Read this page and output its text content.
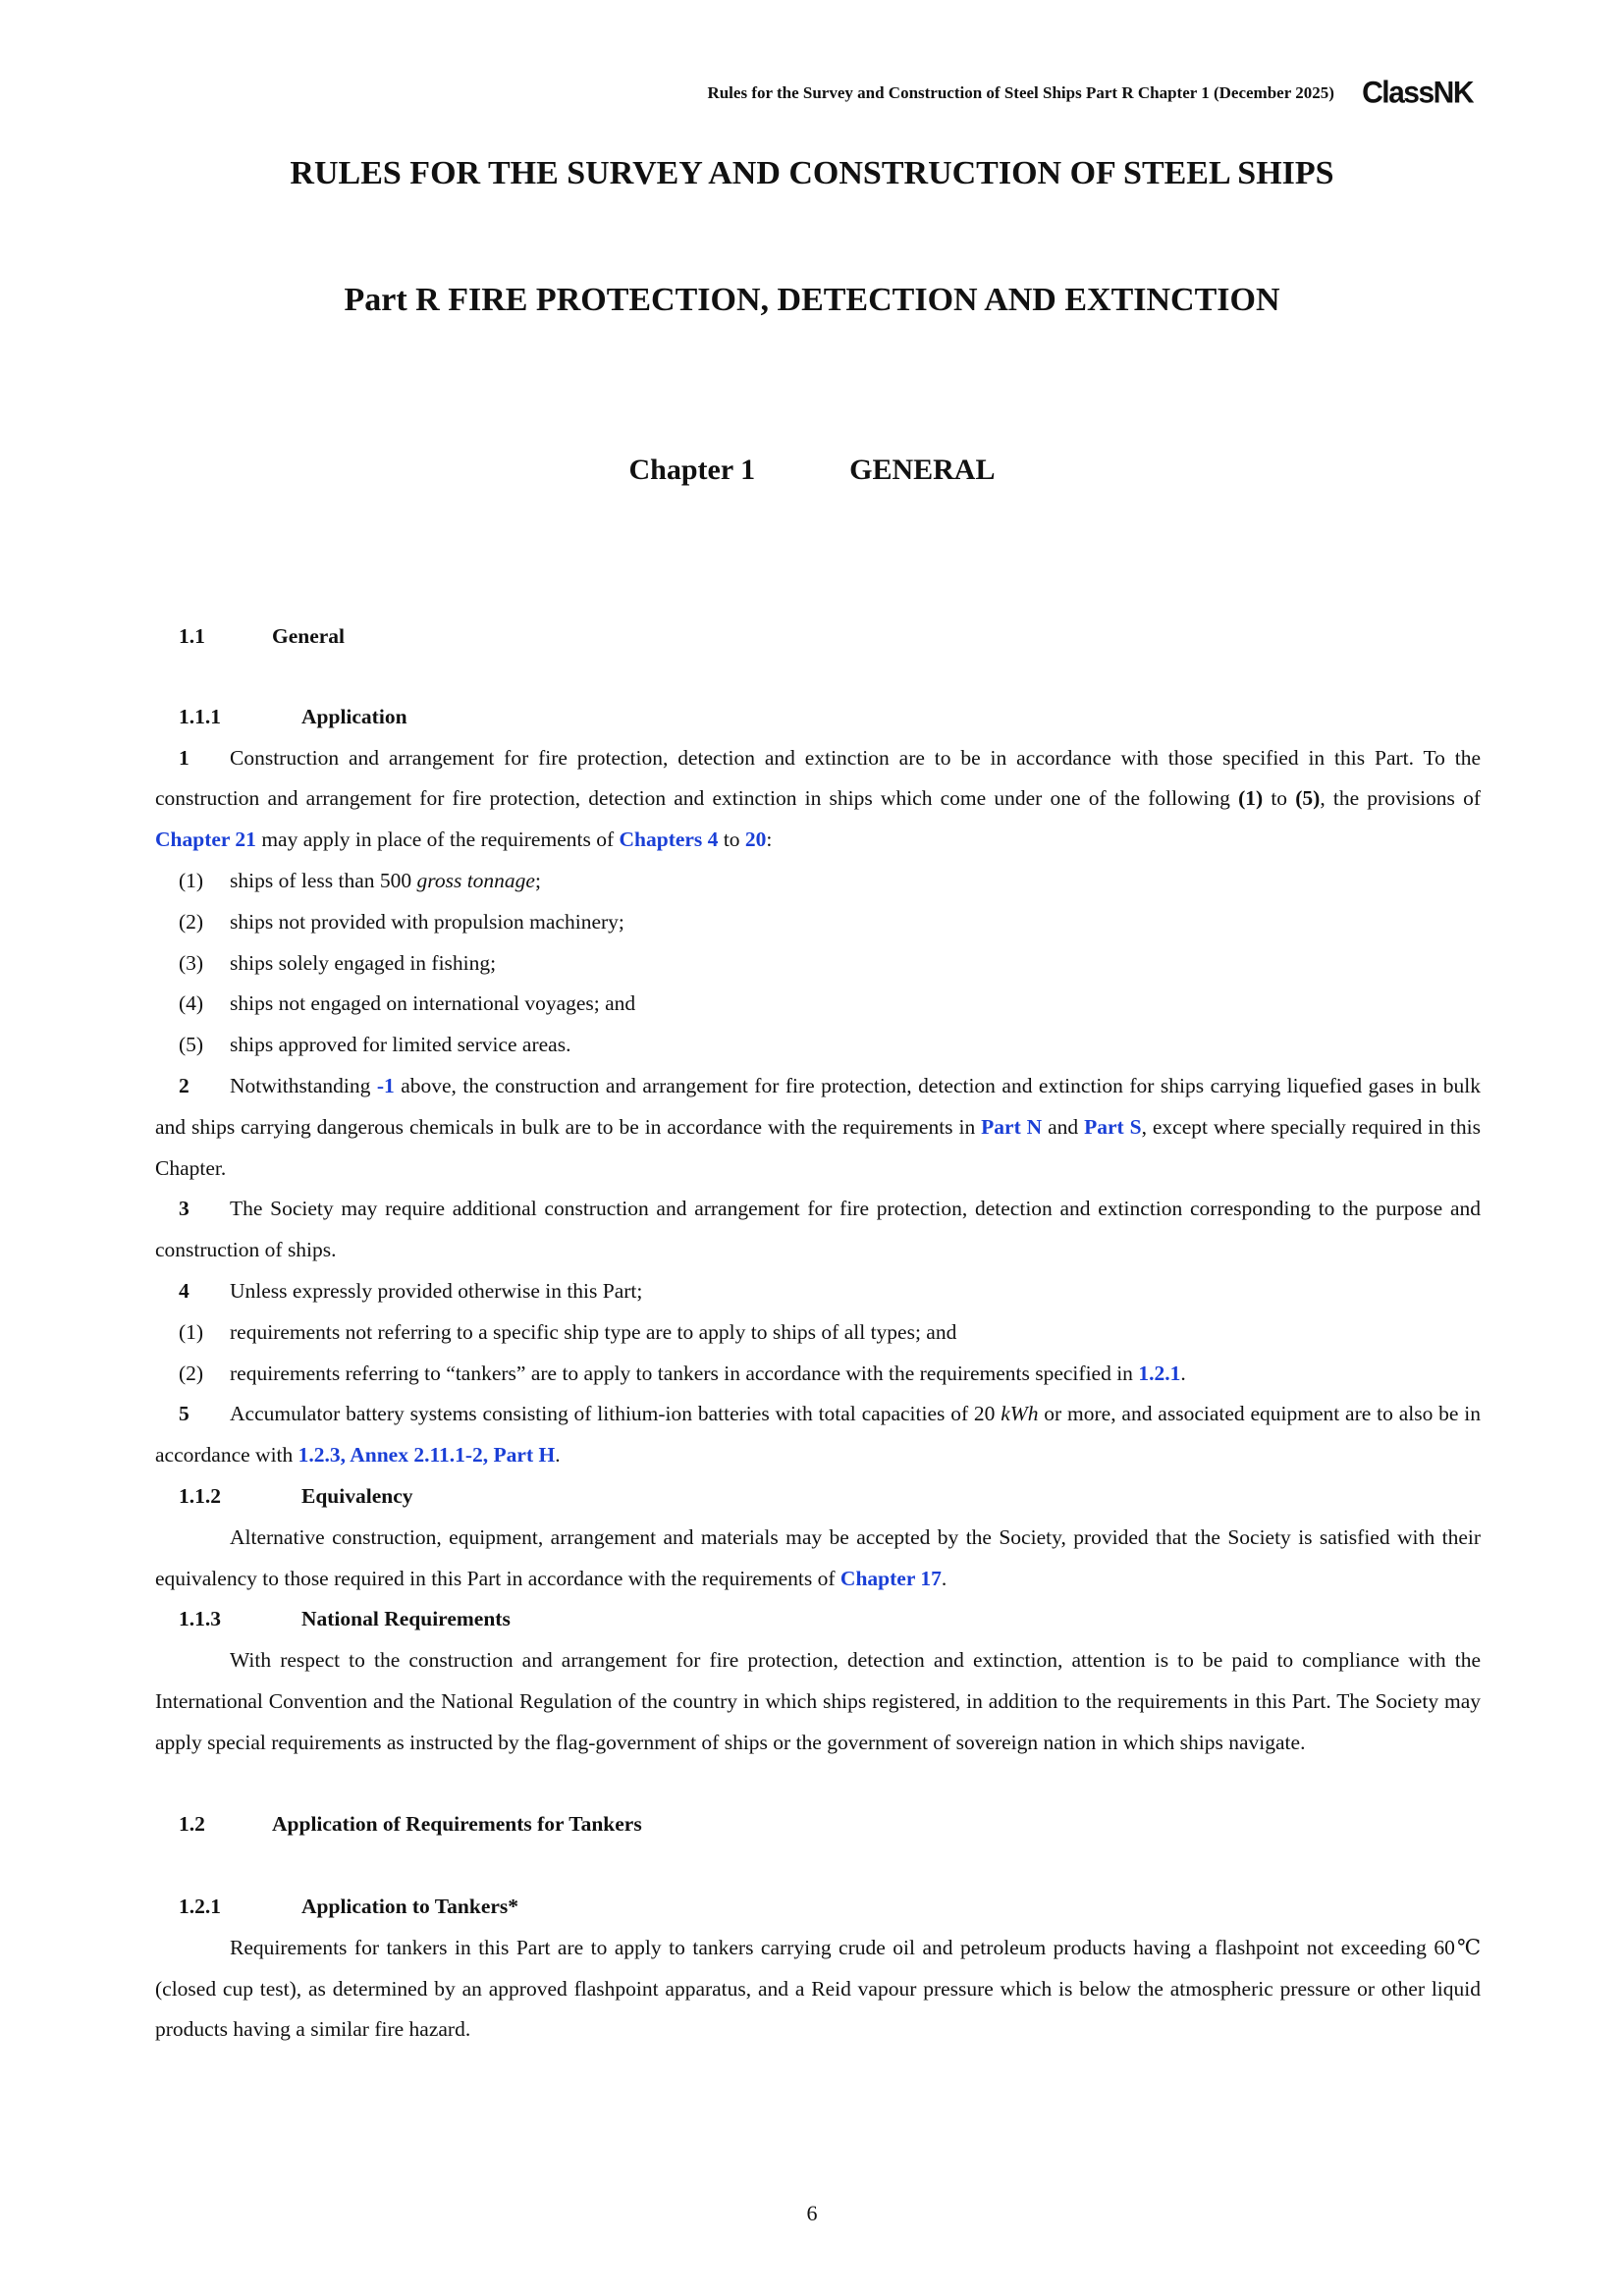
Rules for the Survey and Construction of Steel Ships Part R Chapter 1 (December 2025) ClassNK
RULES FOR THE SURVEY AND CONSTRUCTION OF STEEL SHIPS
Part R FIRE PROTECTION, DETECTION AND EXTINCTION
Chapter 1	GENERAL

1.1	General

1.1.1	Application

1 Construction and arrangement for fire protection, detection and extinction are to be in accordance with those specified in this Part. To the construction and arrangement for fire protection, detection and extinction in ships which come under one of the following (1) to (5), the provisions of Chapter 21 may apply in place of the requirements of Chapters 4 to 20:

(1) ships of less than 500 gross tonnage;

(2) ships not provided with propulsion machinery;

(3) ships solely engaged in fishing;

(4) ships not engaged on international voyages; and

(5) ships approved for limited service areas.

2 Notwithstanding -1 above, the construction and arrangement for fire protection, detection and extinction for ships carrying liquefied gases in bulk and ships carrying dangerous chemicals in bulk are to be in accordance with the requirements in Part N and Part S, except where specially required in this Chapter.

3 The Society may require additional construction and arrangement for fire protection, detection and extinction corresponding to the purpose and construction of ships.

4 Unless expressly provided otherwise in this Part;

(1) requirements not referring to a specific ship type are to apply to ships of all types; and

(2) requirements referring to “tankers” are to apply to tankers in accordance with the requirements specified in 1.2.1.

5 Accumulator battery systems consisting of lithium-ion batteries with total capacities of 20 kWh or more, and associated equipment are to also be in accordance with 1.2.3, Annex 2.11.1-2, Part H.

1.1.2	Equivalency

Alternative construction, equipment, arrangement and materials may be accepted by the Society, provided that the Society is satisfied with their equivalency to those required in this Part in accordance with the requirements of Chapter 17.

1.1.3	National Requirements

With respect to the construction and arrangement for fire protection, detection and extinction, attention is to be paid to compliance with the International Convention and the National Regulation of the country in which ships registered, in addition to the requirements in this Part. The Society may apply special requirements as instructed by the flag-government of ships or the government of sovereign nation in which ships navigate.

1.2	Application of Requirements for Tankers

1.2.1	Application to Tankers*

Requirements for tankers in this Part are to apply to tankers carrying crude oil and petroleum products having a flashpoint not exceeding 60℃ (closed cup test), as determined by an approved flashpoint apparatus, and a Reid vapour pressure which is below the atmospheric pressure or other liquid products having a similar fire hazard.

6
